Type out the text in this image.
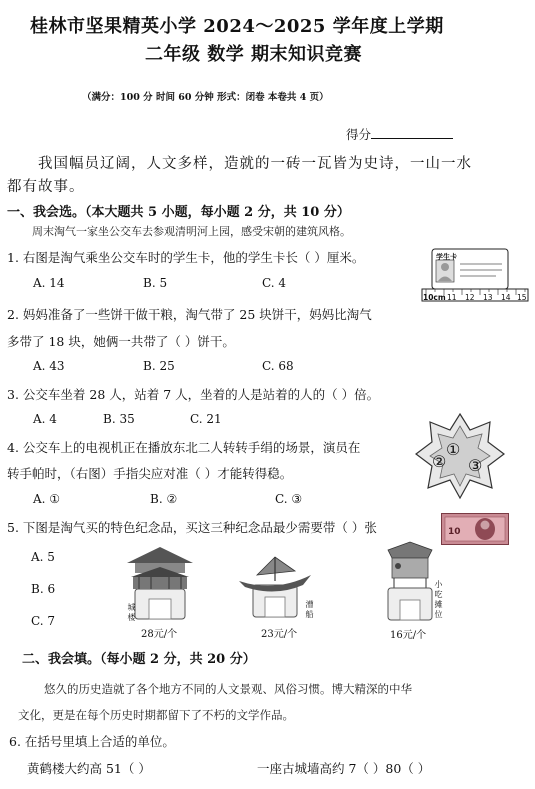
桂林市坚果精英小学 2024～2025 学年度上学期
二年级 数学 期末知识竞赛
（满分：100 分 时间 60 分钟 形式：闭卷 本卷共 4 页）
得分
我国幅员辽阔，人文多样，造就的一砖一瓦皆为史诗，一山一水
都有故事。
一、我会选。（本大题共 5 小题，每小题 2 分，共 10 分）
周末淘气一家坐公交车去参观清明河上园，感受宋朝的建筑风格。
1. 右图是淘气乘坐公交车时的学生卡，他的学生卡长（ ）厘米。
A. 14	B. 5	C. 4
学生卡
10cm 11 12 13 14 15
2. 妈妈准备了一些饼干做干粮，淘气带了 25 块饼干，妈妈比淘气
多带了 18 块，她俩一共带了（ ）饼干。
A. 43	B. 25	C. 68
3. 公交车坐着 28 人，站着 7 人，坐着的人是站着的人的（ ）倍。
A. 4	B. 35	C. 21
①
② ③
4. 公交车上的电视机正在播放东北二人转转手绢的场景，演员在
转手帕时，（右图）手指尖应对准（ ）才能转得稳。
A. ①	B. ②	C. ③
5. 下图是淘气买的特色纪念品，买这三种纪念品最少需要带（ ）张	10
A. 5
B. 6
C. 7
城楼
28元/个
漕船
23元/个
小吃摊位
16元/个
二、我会填。（每小题 2 分，共 20 分）
悠久的历史造就了各个地方不同的人文景观、风俗习惯。博大精深的中华
文化，更是在每个历史时期都留下了不朽的文学作品。
6. 在括号里填上合适的单位。
黄鹤楼大约高 51（ ）	一座古城墙高约 7（ ）80（ ）
